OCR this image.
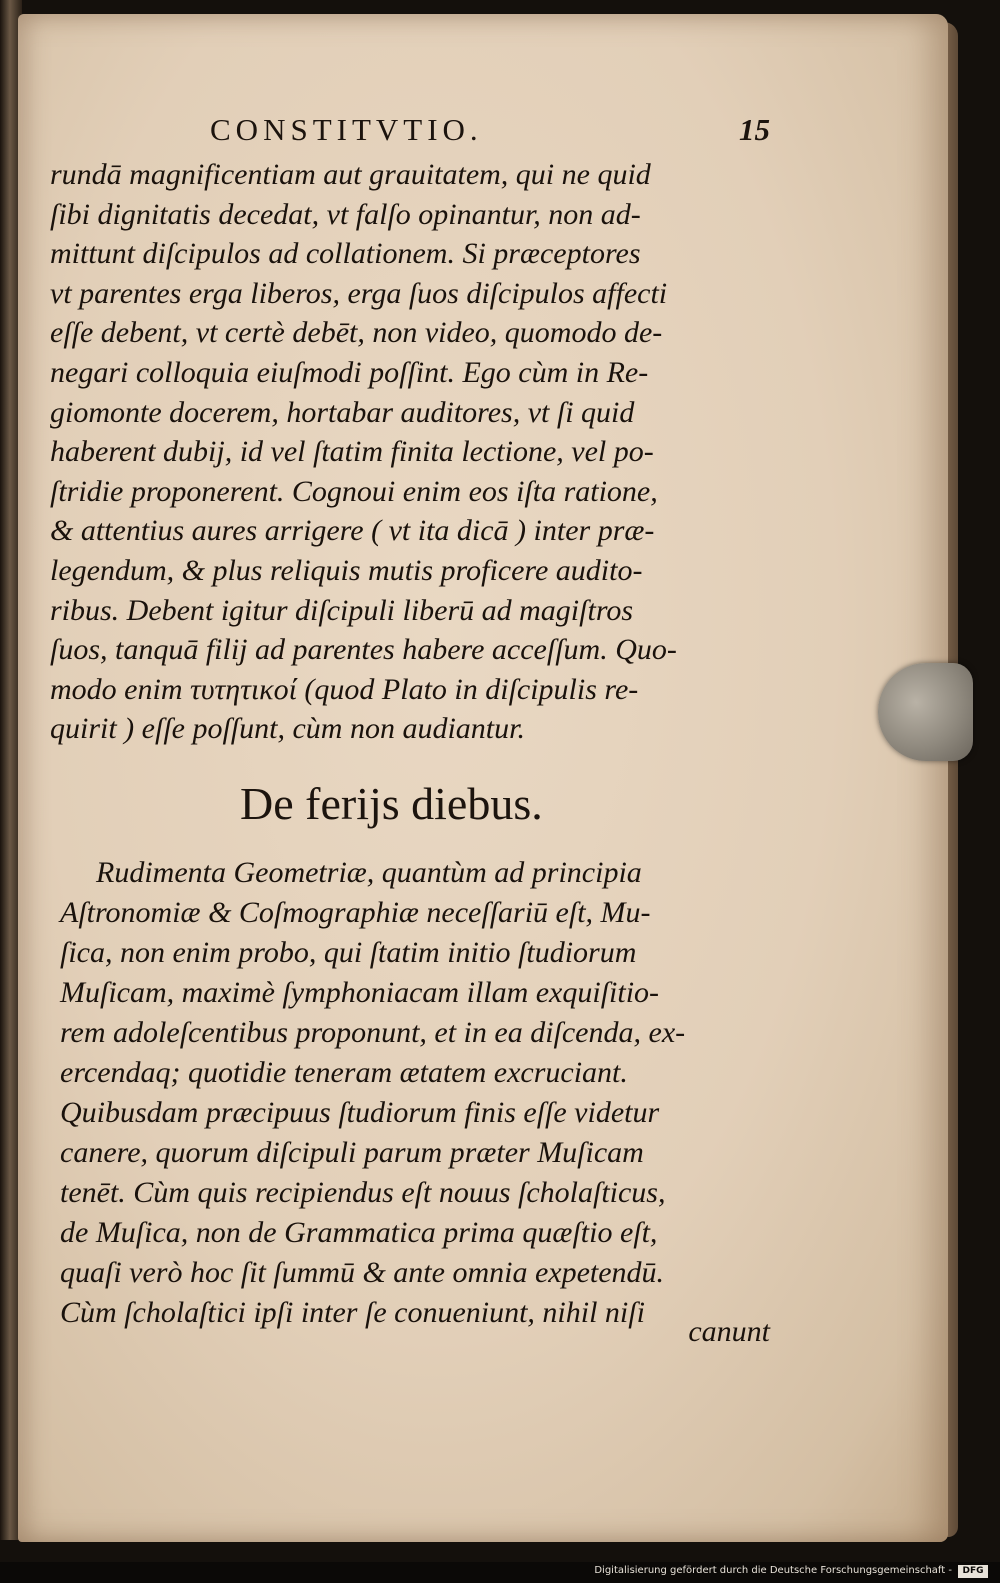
CONSTITVTIO.	15
rundā magnificentiam aut grauitatem, qui ne quid
ſibi dignitatis decedat, vt falſo opinantur, non ad-
mittunt diſcipulos ad collationem. Si præceptores
vt parentes erga liberos, erga ſuos diſcipulos affecti
eſſe debent, vt certè debēt, non video, quomodo de-
negari colloquia eiuſmodi poſſint. Ego cùm in Re-
giomonte docerem, hortabar auditores, vt ſi quid
haberent dubij, id vel ſtatim finita lectione, vel po-
ſtridie proponerent. Cognoui enim eos iſta ratione,
& attentius aures arrigere ( vt ita dicā ) inter præ-
legendum, & plus reliquis mutis proficere audito-
ribus. Debent igitur diſcipuli liberū ad magiſtros
ſuos, tanquā filij ad parentes habere acceſſum. Quo-
modo enim τυτητικοί (quod Plato in diſcipulis re-
quirit ) eſſe poſſunt, cùm non audiantur.
De ferijs diebus.
Rudimenta Geometriæ, quantùm ad principia
Aſtronomiæ & Coſmographiæ neceſſariū eſt, Mu-
ſica, non enim probo, qui ſtatim initio ſtudiorum
Muſicam, maximè ſymphoniacam illam exquiſitio-
rem adoleſcentibus proponunt, et in ea diſcenda, ex-
ercendaq; quotidie teneram ætatem excruciant.
Quibusdam præcipuus ſtudiorum finis eſſe videtur
canere, quorum diſcipuli parum præter Muſicam
tenēt. Cùm quis recipiendus eſt nouus ſcholaſticus,
de Muſica, non de Grammatica prima quæſtio eſt,
quaſi verò hoc ſit ſummū & ante omnia expetendū.
Cùm ſcholaſtici ipſi inter ſe conueniunt, nihil niſi
canunt
Digitalisierung gefördert durch die Deutsche Forschungsgemeinschaft -	DFG
